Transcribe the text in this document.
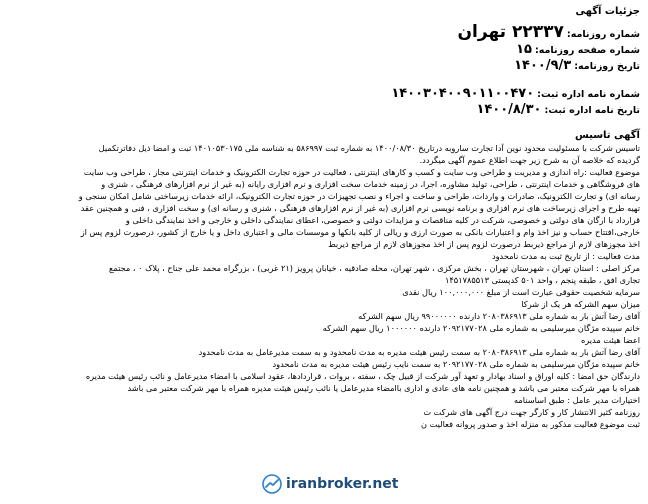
جزئیات آگهی
شماره روزنامه: ۲۲۳۳۷ تهران
شماره صفحه روزنامه: ۱۵
تاریخ روزنامه: ۱۴۰۰/۹/۳
شماره نامه اداره ثبت: ۱۴۰۰۳۰۴۰۰۹۰۱۱۰۰۴۷۰
تاریخ نامه اداره ثبت: ۱۴۰۰/۸/۳۰
آگهی تاسیس

تاسیس شرکت با مسئولیت محدود نوین آدا تجارت ساروبه درتاریخ ۱۴۰۰/۰۸/۳۰ به شماره ثبت ۵۸۶۹۹۷ به شناسه ملی ۱۴۰۱۰۵۳۰۱۷۵ ثبت و امضا ذیل دفاترتکمیل

گردیده که خلاصه آن به شرح زیر جهت اطلاع عموم آگهی میگردد.

موضوع فعالیت :راه اندازی و مدیریت و طراحی وب سایت و کسب و کارهای اینترنتی ، فعالیت در حوزه تجارت الکترونیک و خدمات اینترنتی مجاز ، طراحی وب سایت

های فروشگاهی و خدمات اینترنتی ، طراحی، تولید مشاوره، اجرا، در زمینه خدمات سخت افزاری و نرم افزاری رایانه (به غیر از نرم افزارهای فرهنگی ، شنری و

رسانه ای) و تجارت الکترونیک، صادرات و واردات، طراحی و ساخت و اجراء و نصب تجهیزات در حوزه تجارت الکترونیک، ارائه خدمات زیرساختی شامل امکان سنجی و

تهیه طرح و اجرای زیرساخت های نرم افزاری و برنامه نویسی نرم افزاری (به غیر از نرم افزارهای فرهنگی ، شنری و رسانه ای) و سخت افزاری ، فنی و همچنین عقد

قرارداد با ارگان های دولتی و خصوصی، شرکت در کلیه مناقصات و مزایدات دولتی و خصوصی، اعطای نمایندگی داخلی و خارجی و اخذ نمایندگی داخلی و

خارجی،افتتاح حساب و نیز اخذ وام و اعتبارات بانکی به صورت ارزی و ریالی از کلیه بانکها و موسسات مالی و اعتباری داخل و یا خارج از کشور، درصورت لزوم پس از

اخذ مجوزهای لازم از مراجع ذیربط درصورت لزوم پس از اخذ مجوزهای لازم از مراجع ذیربط

مدت فعالیت : از تاریخ ثبت به مدت نامحدود

مرکز اصلی : استان تهران ، شهرستان تهران ، بخش مرکزی ، شهر تهران، محله صادقیه ، خیابان پرویز (۲۱ غربی) ، بزرگراه محمد علی جناح ، پلاک ۰ ، مجتمع

تجاری افق ، طبقه پنجم ، واحد ۵۰۱ کدپستی ۱۴۵۱۷۸۵۵۱۳

سرمایه شخصیت حقوقی عبارت است از مبلغ ۱۰۰,۰۰۰,۰۰۰ ریال نقدی

میزان سهم الشرکه هر یک از شرکا

آقای رضا آتش بار به شماره ملی ۲۰۸۰۳۸۶۹۱۳ دارنده ۹۹۰۰۰۰۰۰ ریال سهم الشرکه

خانم سپیده مژگان میرسلیمی به شماره ملی ۲۰۹۲۱۷۷۰۲۸ دارنده ۱۰۰۰۰۰۰ ریال سهم الشرکه

اعضا هیئت مدیره

آقای رضا آتش بار به شماره ملی ۲۰۸۰۳۸۶۹۱۳ به سمت رئیس هیئت مدیره به مدت نامحدود و به سمت مدیرعامل به مدت نامحدود

خانم سپیده مژگان میرسلیمی به شماره ملی ۲۰۹۲۱۷۷۰۲۸ به سمت نایب رئیس هیئت مدیره به مدت نامحدود

دارندگان حق امضا : کلیه اوراق و اسناد بهادار و تعهد آور شرکت از قبیل چک ، سفته ، بروات ، قراردادها، عقود اسلامی با امضاء مدیرعامل و نائب رئیس هیئت مدیره

همراه با مهر شرکت معتبر می باشد و همچنین نامه های عادی و اداری باامضاء مدیرعامل یا نائب رئیس هیئت مدیره همراه با مهر شرکت معتبر می باشد

اختیارات مدیر عامل : طبق اساسنامه

روزنامه کثیر الانتشار کار و کارگر جهت درج آگهی های شرکت ت

ثبت موضوع فعالیت مذکور به منزله اخذ و صدور پروانه فعالیت ن

iranbroker.net
